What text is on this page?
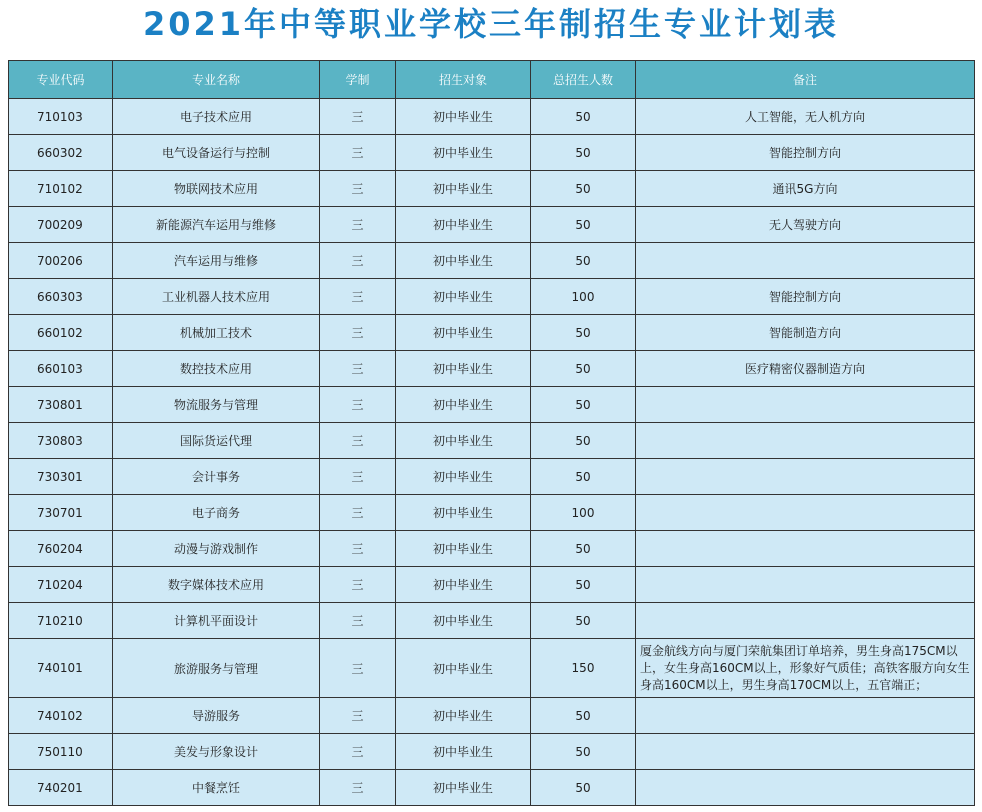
2021年中等职业学校三年制招生专业计划表
专业代码	专业名称	学制	招生对象	总招生人数	备注
710103	电子技术应用	三	初中毕业生	50	人工智能，无人机方向
660302	电气设备运行与控制	三	初中毕业生	50	智能控制方向
710102	物联网技术应用	三	初中毕业生	50	通讯5G方向
700209	新能源汽车运用与维修	三	初中毕业生	50	无人驾驶方向
700206	汽车运用与维修	三	初中毕业生	50	
660303	工业机器人技术应用	三	初中毕业生	100	智能控制方向
660102	机械加工技术	三	初中毕业生	50	智能制造方向
660103	数控技术应用	三	初中毕业生	50	医疗精密仪器制造方向
730801	物流服务与管理	三	初中毕业生	50	
730803	国际货运代理	三	初中毕业生	50	
730301	会计事务	三	初中毕业生	50	
730701	电子商务	三	初中毕业生	100	
760204	动漫与游戏制作	三	初中毕业生	50	
710204	数字媒体技术应用	三	初中毕业生	50	
710210	计算机平面设计	三	初中毕业生	50	
740101	旅游服务与管理	三	初中毕业生	150	厦金航线方向与厦门荣航集团订单培养，男生身高175CM以上，女生身高160CM以上，形象好气质佳；高铁客服方向女生身高160CM以上，男生身高170CM以上，五官端正；
740102	导游服务	三	初中毕业生	50	
750110	美发与形象设计	三	初中毕业生	50	
740201	中餐烹饪	三	初中毕业生	50	
